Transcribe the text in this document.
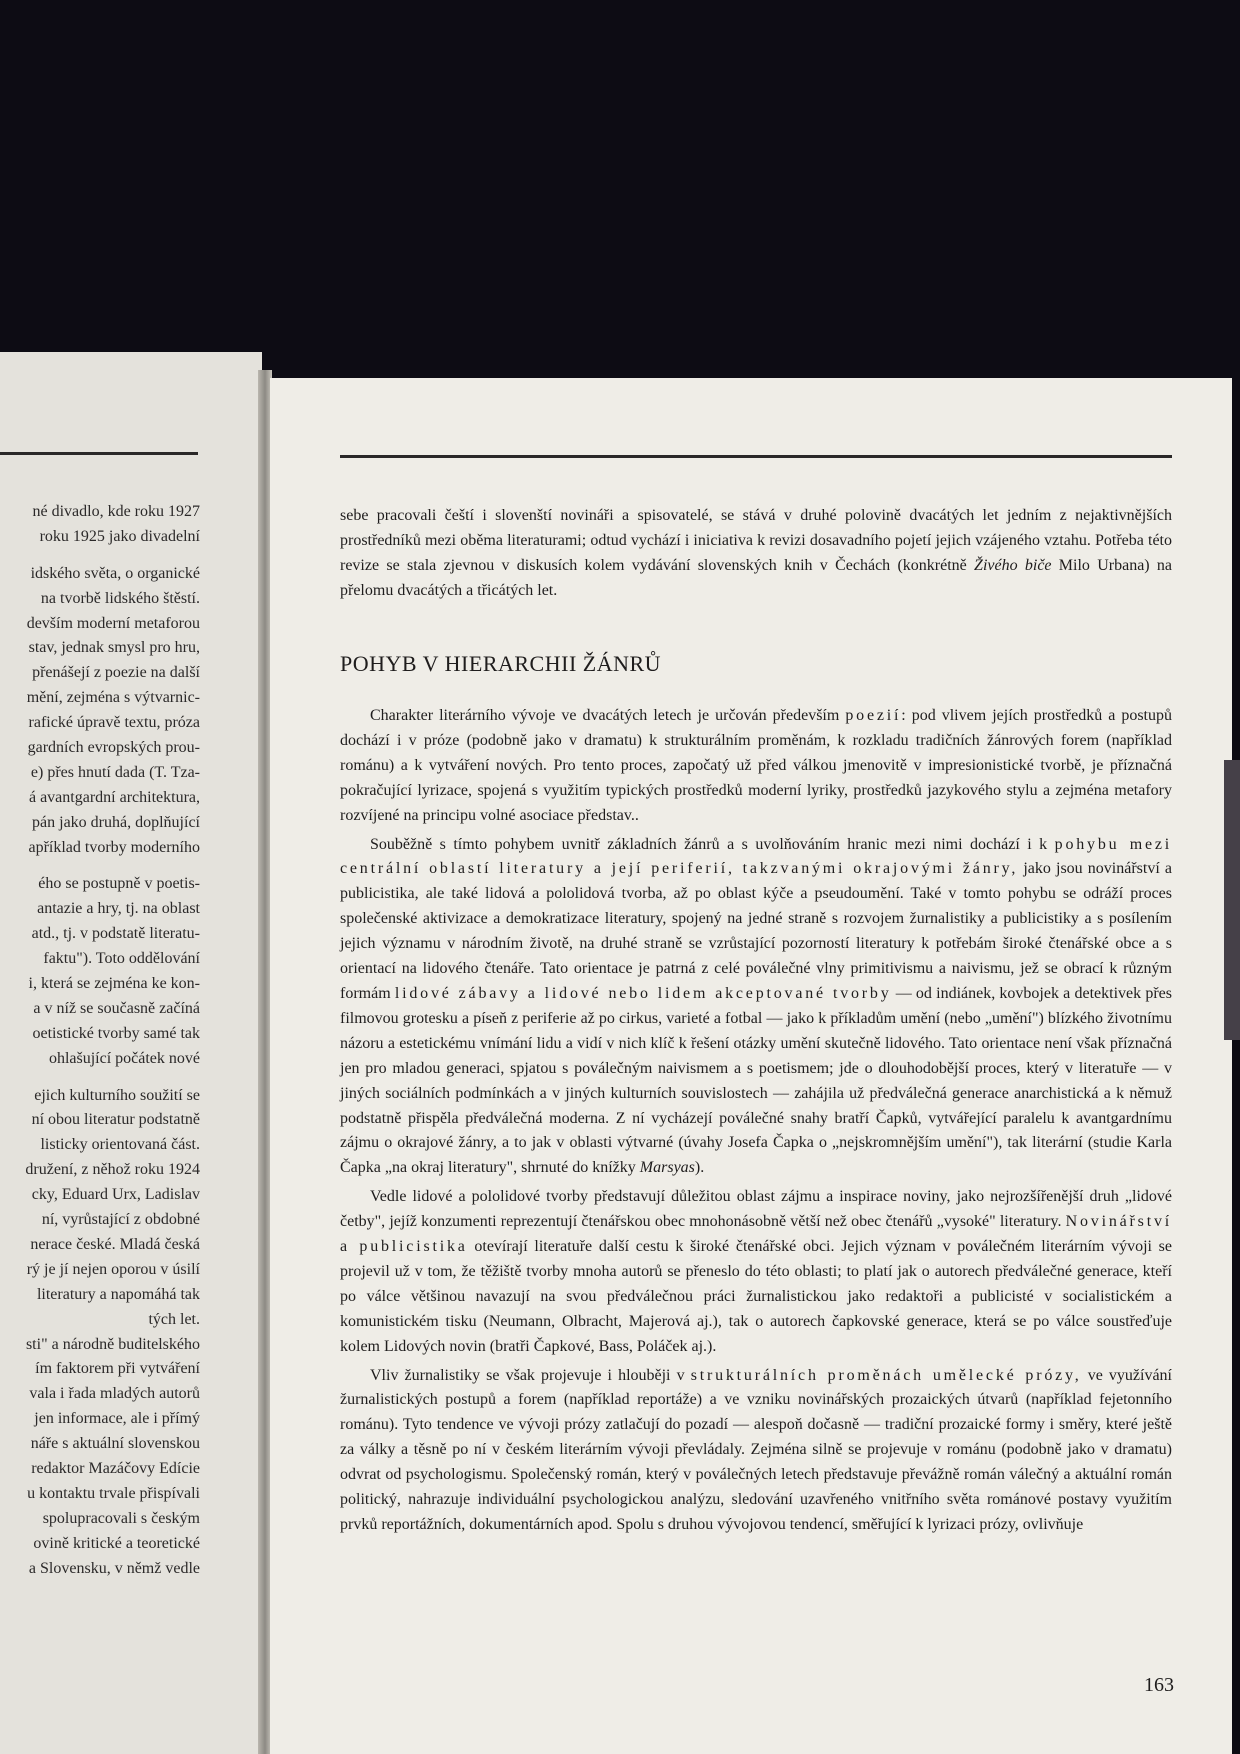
né divadlo, kde roku 1927
roku 1925 jako divadelní
idského světa, o organické
na tvorbě lidského štěstí.
devším moderní metaforou
stav, jednak smysl pro hru,
přenášejí z poezie na další
mění, zejména s výtvarnic-
rafické úpravě textu, próza
gardních evropských prou-
e) přes hnutí dada (T. Tza-
á avantgardní architektura,
pán jako druhá, doplňující
apříklad tvorby moderního
ého se postupně v poetis-
antazie a hry, tj. na oblast
atd., tj. v podstatě literatu-
faktu"). Toto oddělování
i, která se zejména ke kon-
a v níž se současně začíná
oetistické tvorby samé tak
ohlašující počátek nové
ejich kulturního soužití se
ní obou literatur podstatně
listicky orientovaná část.
družení, z něhož roku 1924
cky, Eduard Urx, Ladislav
ní, vyrůstající z obdobné
nerace české. Mladá česká
rý je jí nejen oporou v úsilí
literatury a napomáhá tak
tých let.
sti" a národně buditelského
ím faktorem při vytváření
vala i řada mladých autorů
jen informace, ale i přímý
náře s aktuální slovenskou
redaktor Mazáčovy Edície
u kontaktu trvale přispívali
spolupracovali s českým
ovině kritické a teoretické
a Slovensku, v němž vedle

sebe pracovali čeští i slovenští novináři a spisovatelé, se stává v druhé polovině dvacátých let jedním z nejaktivnějších prostředníků mezi oběma literaturami; odtud vychází i iniciativa k revizi dosavadního pojetí jejich vzájeného vztahu. Potřeba této revize se stala zjevnou v diskusích kolem vydávání slovenských knih v Čechách (konkrétně Živého biče Milo Urbana) na přelomu dvacátých a třicátých let.

POHYB V HIERARCHII ŽÁNRŮ

Charakter literárního vývoje ve dvacátých letech je určován především poezií: pod vlivem jejích prostředků a postupů dochází i v próze (podobně jako v dramatu) k strukturálním proměnám, k rozkladu tradičních žánrových forem (například románu) a k vytváření nových. Pro tento proces, započatý už před válkou jmenovitě v impresionistické tvorbě, je příznačná pokračující lyrizace, spojená s využitím typických prostředků moderní lyriky, prostředků jazykového stylu a zejména metafory rozvíjené na principu volné asociace představ..

Souběžně s tímto pohybem uvnitř základních žánrů a s uvolňováním hranic mezi nimi dochází i k pohybu mezi centrální oblastí literatury a její periferií, takzvanými okrajovými žánry, jako jsou novinářství a publicistika, ale také lidová a pololidová tvorba, až po oblast kýče a pseudoumění. Také v tomto pohybu se odráží proces společenské aktivizace a demokratizace literatury, spojený na jedné straně s rozvojem žurnalistiky a publicistiky a s posílením jejich významu v národním životě, na druhé straně se vzrůstající pozorností literatury k potřebám široké čtenářské obce a s orientací na lidového čtenáře. Tato orientace je patrná z celé poválečné vlny primitivismu a naivismu, jež se obrací k různým formám lidové zábavy a lidové nebo lidem akceptované tvorby — od indiánek, kovbojek a detektivek přes filmovou grotesku a píseň z periferie až po cirkus, varieté a fotbal — jako k příkladům umění (nebo „umění") blízkého životnímu názoru a estetickému vnímání lidu a vidí v nich klíč k řešení otázky umění skutečně lidového. Tato orientace není však příznačná jen pro mladou generaci, spjatou s poválečným naivismem a s poetismem; jde o dlouhodobější proces, který v literatuře — v jiných sociálních podmínkách a v jiných kulturních souvislostech — zahájila už předválečná generace anarchistická a k němuž podstatně přispěla předválečná moderna. Z ní vycházejí poválečné snahy bratří Čapků, vytvářející paralelu k avantgardnímu zájmu o okrajové žánry, a to jak v oblasti výtvarné (úvahy Josefa Čapka o „nejskromnějším umění"), tak literární (studie Karla Čapka „na okraj literatury", shrnuté do knížky Marsyas).

Vedle lidové a pololidové tvorby představují důležitou oblast zájmu a inspirace noviny, jako nejrozšířenější druh „lidové četby", jejíž konzumenti reprezentují čtenářskou obec mnohonásobně větší než obec čtenářů „vysoké" literatury. Novinářství a publicistika otevírají literatuře další cestu k široké čtenářské obci. Jejich význam v poválečném literárním vývoji se projevil už v tom, že těžiště tvorby mnoha autorů se přeneslo do této oblasti; to platí jak o autorech předválečné generace, kteří po válce většinou navazují na svou předválečnou práci žurnalistickou jako redaktoři a publicisté v socialistickém a komunistickém tisku (Neumann, Olbracht, Majerová aj.), tak o autorech čapkovské generace, která se po válce soustřeďuje kolem Lidových novin (bratři Čapkové, Bass, Poláček aj.).

Vliv žurnalistiky se však projevuje i hlouběji v strukturálních proměnách umělecké prózy, ve využívání žurnalistických postupů a forem (například reportáže) a ve vzniku novinářských prozaických útvarů (například fejetonního románu). Tyto tendence ve vývoji prózy zatlačují do pozadí — alespoň dočasně — tradiční prozaické formy i směry, které ještě za války a těsně po ní v českém literárním vývoji převládaly. Zejména silně se projevuje v románu (podobně jako v dramatu) odvrat od psychologismu. Společenský román, který v poválečných letech představuje převážně román válečný a aktuální román politický, nahrazuje individuální psychologickou analýzu, sledování uzavřeného vnitřního světa románové postavy využitím prvků reportážních, dokumentárních apod. Spolu s druhou vývojovou tendencí, směřující k lyrizaci prózy, ovlivňuje

163
